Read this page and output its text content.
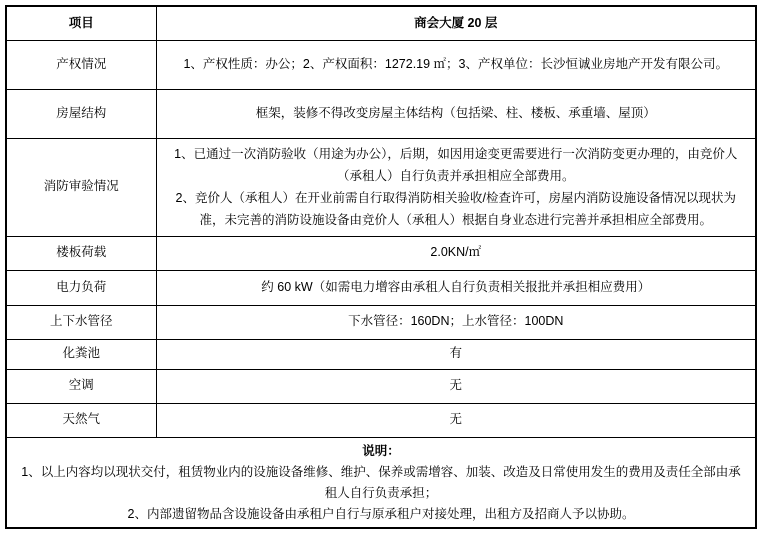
项目	商会大厦 20 层
产权情况	1、产权性质：办公；2、产权面积：1272.19 ㎡；3、产权单位：长沙恒诚业房地产开发有限公司。
房屋结构	框架，装修不得改变房屋主体结构（包括梁、柱、楼板、承重墙、屋顶）
消防审验情况	1、已通过一次消防验收（用途为办公），后期，如因用途变更需要进行一次消防变更办理的，由竞价人（承租人）自行负责并承担相应全部费用。

2、竞价人（承租人）在开业前需自行取得消防相关验收/检查许可，房屋内消防设施设备情况以现状为准，未完善的消防设施设备由竞价人（承租人）根据自身业态进行完善并承担相应全部费用。

楼板荷载	2.0KN/㎡
电力负荷	约 60 kW（如需电力增容由承租人自行负责相关报批并承担相应费用）
上下水管径	下水管径：160DN；上水管径：100DN
化粪池	有
空调	无
天然气	无

说明：
1、以上内容均以现状交付，租赁物业内的设施设备维修、维护、保养或需增容、加装、改造及日常使用发生的费用及责任全部由承租人自行负责承担；
2、内部遗留物品含设施设备由承租户自行与原承租户对接处理，出租方及招商人予以协助。	
